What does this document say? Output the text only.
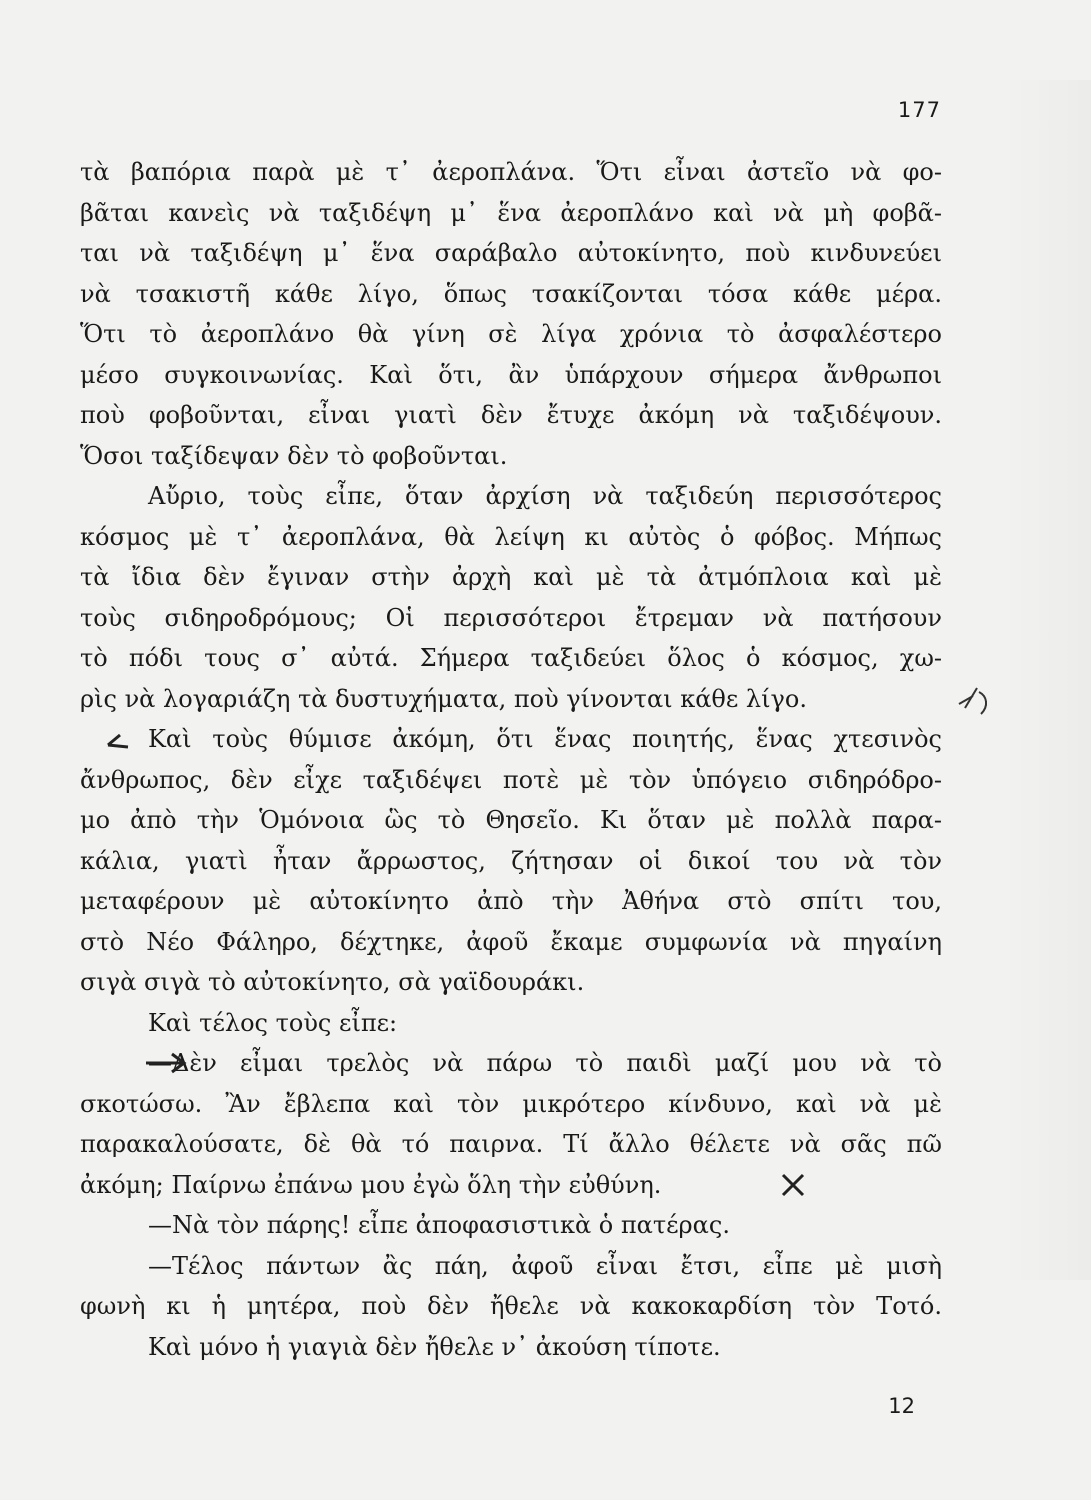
177
τὰ βαπόρια παρὰ μὲ τ᾽ ἀεροπλάνα. Ὅτι εἶναι ἀστεῖο νὰ φο-
βᾶται κανεὶς νὰ ταξιδέψη μ᾽ ἕνα ἀεροπλάνο καὶ νὰ μὴ φοβᾶ-
ται νὰ ταξιδέψη μ᾽ ἕνα σαράβαλο αὐτοκίνητο, ποὺ κινδυνεύει
νὰ τσακιστῆ κάθε λίγο, ὅπως τσακίζονται τόσα κάθε μέρα.
Ὅτι τὸ ἀεροπλάνο θὰ γίνη σὲ λίγα χρόνια τὸ ἀσφαλέστερο
μέσο συγκοινωνίας. Καὶ ὅτι, ἂν ὑπάρχουν σήμερα ἄνθρωποι
ποὺ φοβοῦνται, εἶναι γιατὶ δὲν ἔτυχε ἀκόμη νὰ ταξιδέψουν.
Ὅσοι ταξίδεψαν δὲν τὸ φοβοῦνται.
Αὔριο, τοὺς εἶπε, ὅταν ἀρχίση νὰ ταξιδεύη περισσότερος
κόσμος μὲ τ᾽ ἀεροπλάνα, θὰ λείψη κι αὐτὸς ὁ φόβος. Μήπως
τὰ ἴδια δὲν ἔγιναν στὴν ἀρχὴ καὶ μὲ τὰ ἀτμόπλοια καὶ μὲ
τοὺς σιδηροδρόμους; Οἱ περισσότεροι ἔτρεμαν νὰ πατήσουν
τὸ πόδι τους σ᾽ αὐτά. Σήμερα ταξιδεύει ὅλος ὁ κόσμος, χω-
ρὶς νὰ λογαριάζη τὰ δυστυχήματα, ποὺ γίνονται κάθε λίγο.
Καὶ τοὺς θύμισε ἀκόμη, ὅτι ἕνας ποιητής, ἕνας χτεσινὸς
ἄνθρωπος, δὲν εἶχε ταξιδέψει ποτὲ μὲ τὸν ὑπόγειο σιδηρόδρο-
μο ἀπὸ τὴν Ὁμόνοια ὣς τὸ Θησεῖο. Κι ὅταν μὲ πολλὰ παρα-
κάλια, γιατὶ ἦταν ἄρρωστος, ζήτησαν οἱ δικοί του νὰ τὸν
μεταφέρουν μὲ αὐτοκίνητο ἀπὸ τὴν Ἀθήνα στὸ σπίτι του,
στὸ Νέο Φάληρο, δέχτηκε, ἀφοῦ ἔκαμε συμφωνία νὰ πηγαίνη
σιγὰ σιγὰ τὸ αὐτοκίνητο, σὰ γαϊδουράκι.
Καὶ τέλος τοὺς εἶπε:
—Δὲν εἶμαι τρελὸς νὰ πάρω τὸ παιδὶ μαζί μου νὰ τὸ
σκοτώσω. Ἂν ἔβλεπα καὶ τὸν μικρότερο κίνδυνο, καὶ νὰ μὲ
παρακαλούσατε, δὲ θὰ τό παιρνα. Τί ἄλλο θέλετε νὰ σᾶς πῶ
ἀκόμη; Παίρνω ἐπάνω μου ἐγὼ ὅλη τὴν εὐθύνη.
—Νὰ τὸν πάρης! εἶπε ἀποφασιστικὰ ὁ πατέρας.
—Τέλος πάντων ἂς πάη, ἀφοῦ εἶναι ἔτσι, εἶπε μὲ μισὴ
φωνὴ κι ἡ μητέρα, ποὺ δὲν ἤθελε νὰ κακοκαρδίση τὸν Τοτό.
Καὶ μόνο ἡ γιαγιὰ δὲν ἤθελε ν᾽ ἀκούση τίποτε.
12
